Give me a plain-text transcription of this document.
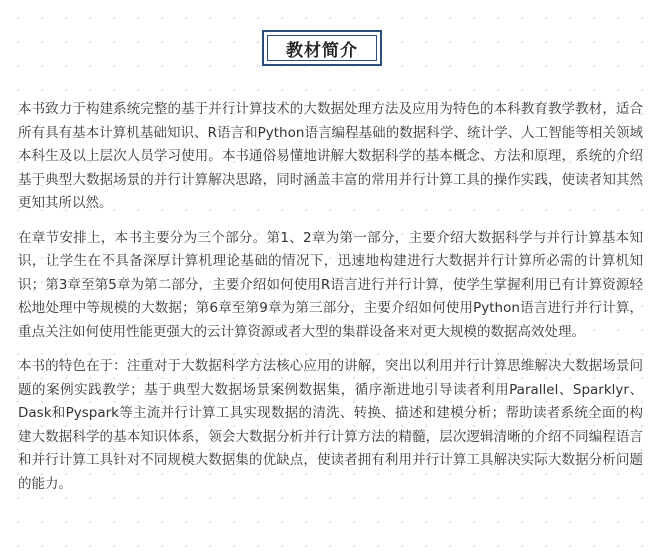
教材简介

本书致力于构建系统完整的基于并行计算技术的大数据处理方法及应用为特色的本科教育教学教材，适合所有具有基本计算机基础知识、R语言和Python语言编程基础的数据科学、统计学、人工智能等相关领域本科生及以上层次人员学习使用。本书通俗易懂地讲解大数据科学的基本概念、方法和原理，系统的介绍基于典型大数据场景的并行计算解决思路，同时涵盖丰富的常用并行计算工具的操作实践，使读者知其然更知其所以然。

在章节安排上，本书主要分为三个部分。第1、2章为第一部分，主要介绍大数据科学与并行计算基本知识，让学生在不具备深厚计算机理论基础的情况下，迅速地构建进行大数据并行计算所必需的计算机知识；第3章至第5章为第二部分，主要介绍如何使用R语言进行并行计算，使学生掌握利用已有计算资源轻松地处理中等规模的大数据；第6章至第9章为第三部分，主要介绍如何使用Python语言进行并行计算，重点关注如何使用性能更强大的云计算资源或者大型的集群设备来对更大规模的数据高效处理。

本书的特色在于：注重对于大数据科学方法核心应用的讲解，突出以利用并行计算思维解决大数据场景问题的案例实践教学；基于典型大数据场景案例数据集，循序渐进地引导读者利用Parallel、Sparklyr、Dask和Pyspark等主流并行计算工具实现数据的清洗、转换、描述和建模分析；帮助读者系统全面的构建大数据科学的基本知识体系，领会大数据分析并行计算方法的精髓，层次逻辑清晰的介绍不同编程语言和并行计算工具针对不同规模大数据集的优缺点，使读者拥有利用并行计算工具解决实际大数据分析问题的能力。
